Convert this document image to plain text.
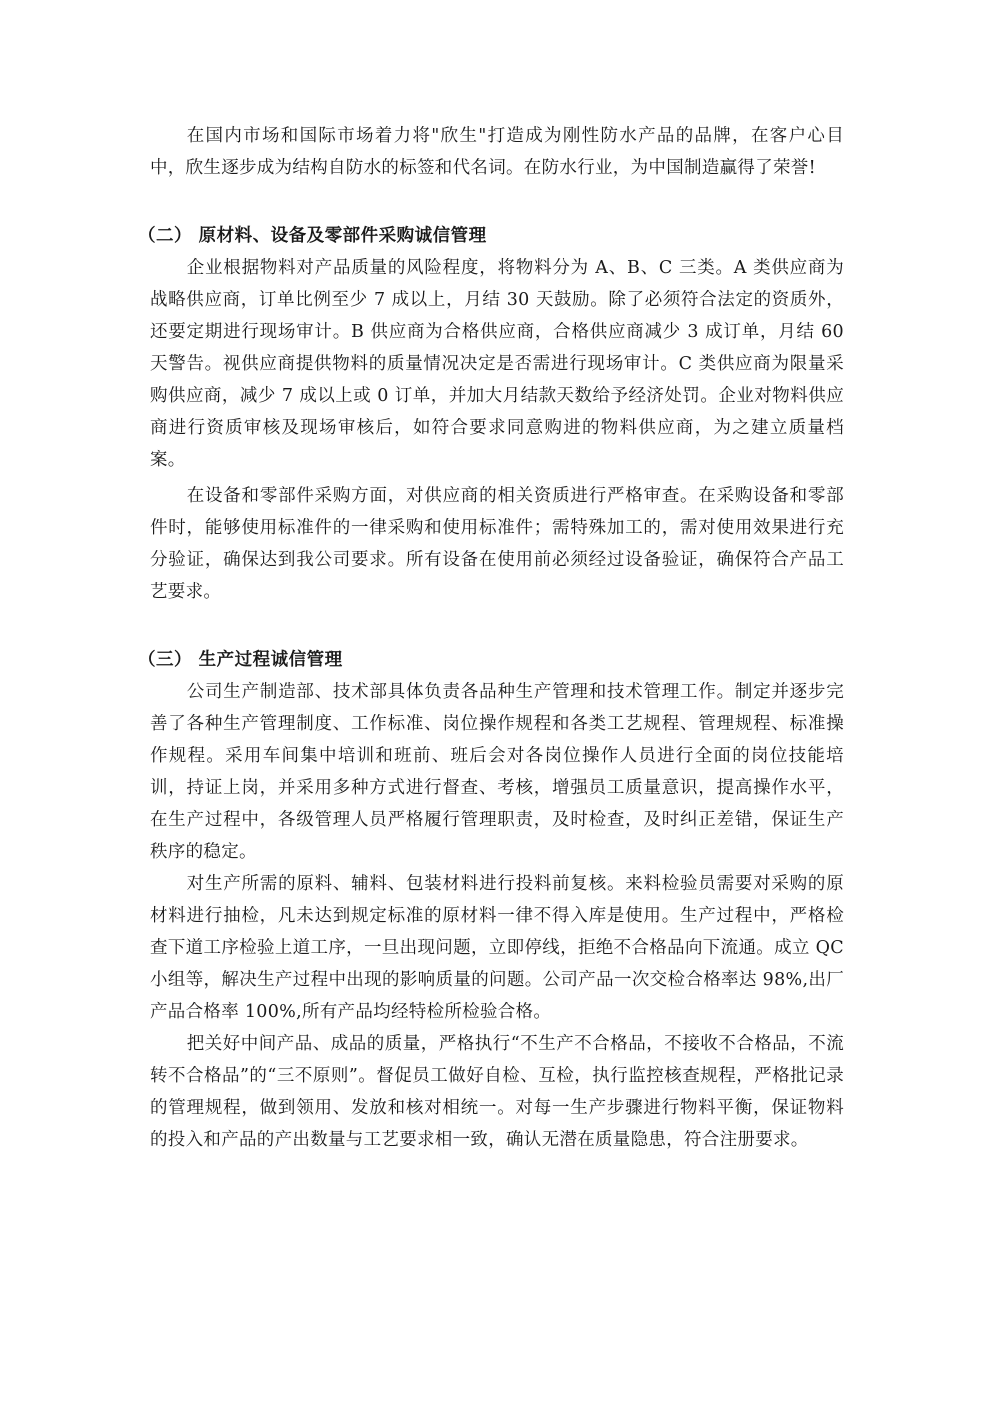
在国内市场和国际市场着力将"欣生"打造成为刚性防水产品的品牌，在客户心目中，欣生逐步成为结构自防水的标签和代名词。在防水行业，为中国制造赢得了荣誉!

（二） 原材料、设备及零部件采购诚信管理

企业根据物料对产品质量的风险程度，将物料分为 A、B、C 三类。A 类供应商为战略供应商，订单比例至少 7 成以上，月结 30 天鼓励。除了必须符合法定的资质外，还要定期进行现场审计。B 供应商为合格供应商，合格供应商减少 3 成订单，月结 60 天警告。视供应商提供物料的质量情况决定是否需进行现场审计。C 类供应商为限量采购供应商，减少 7 成以上或 0 订单，并加大月结款天数给予经济处罚。企业对物料供应商进行资质审核及现场审核后，如符合要求同意购进的物料供应商，为之建立质量档案。

在设备和零部件采购方面，对供应商的相关资质进行严格审查。在采购设备和零部件时，能够使用标准件的一律采购和使用标准件；需特殊加工的，需对使用效果进行充分验证，确保达到我公司要求。所有设备在使用前必须经过设备验证，确保符合产品工艺要求。

（三） 生产过程诚信管理

公司生产制造部、技术部具体负责各品种生产管理和技术管理工作。制定并逐步完善了各种生产管理制度、工作标准、岗位操作规程和各类工艺规程、管理规程、标准操作规程。采用车间集中培训和班前、班后会对各岗位操作人员进行全面的岗位技能培训，持证上岗，并采用多种方式进行督查、考核，增强员工质量意识，提高操作水平，在生产过程中，各级管理人员严格履行管理职责，及时检查，及时纠正差错，保证生产秩序的稳定。

对生产所需的原料、辅料、包装材料进行投料前复核。来料检验员需要对采购的原材料进行抽检，凡未达到规定标准的原材料一律不得入库是使用。生产过程中，严格检查下道工序检验上道工序，一旦出现问题，立即停线，拒绝不合格品向下流通。成立 QC 小组等，解决生产过程中出现的影响质量的问题。公司产品一次交检合格率达 98%,出厂产品合格率 100%,所有产品均经特检所检验合格。

把关好中间产品、成品的质量，严格执行“不生产不合格品，不接收不合格品，不流转不合格品”的“三不原则”。督促员工做好自检、互检，执行监控核查规程，严格批记录的管理规程，做到领用、发放和核对相统一。对每一生产步骤进行物料平衡，保证物料的投入和产品的产出数量与工艺要求相一致，确认无潜在质量隐患，符合注册要求。
